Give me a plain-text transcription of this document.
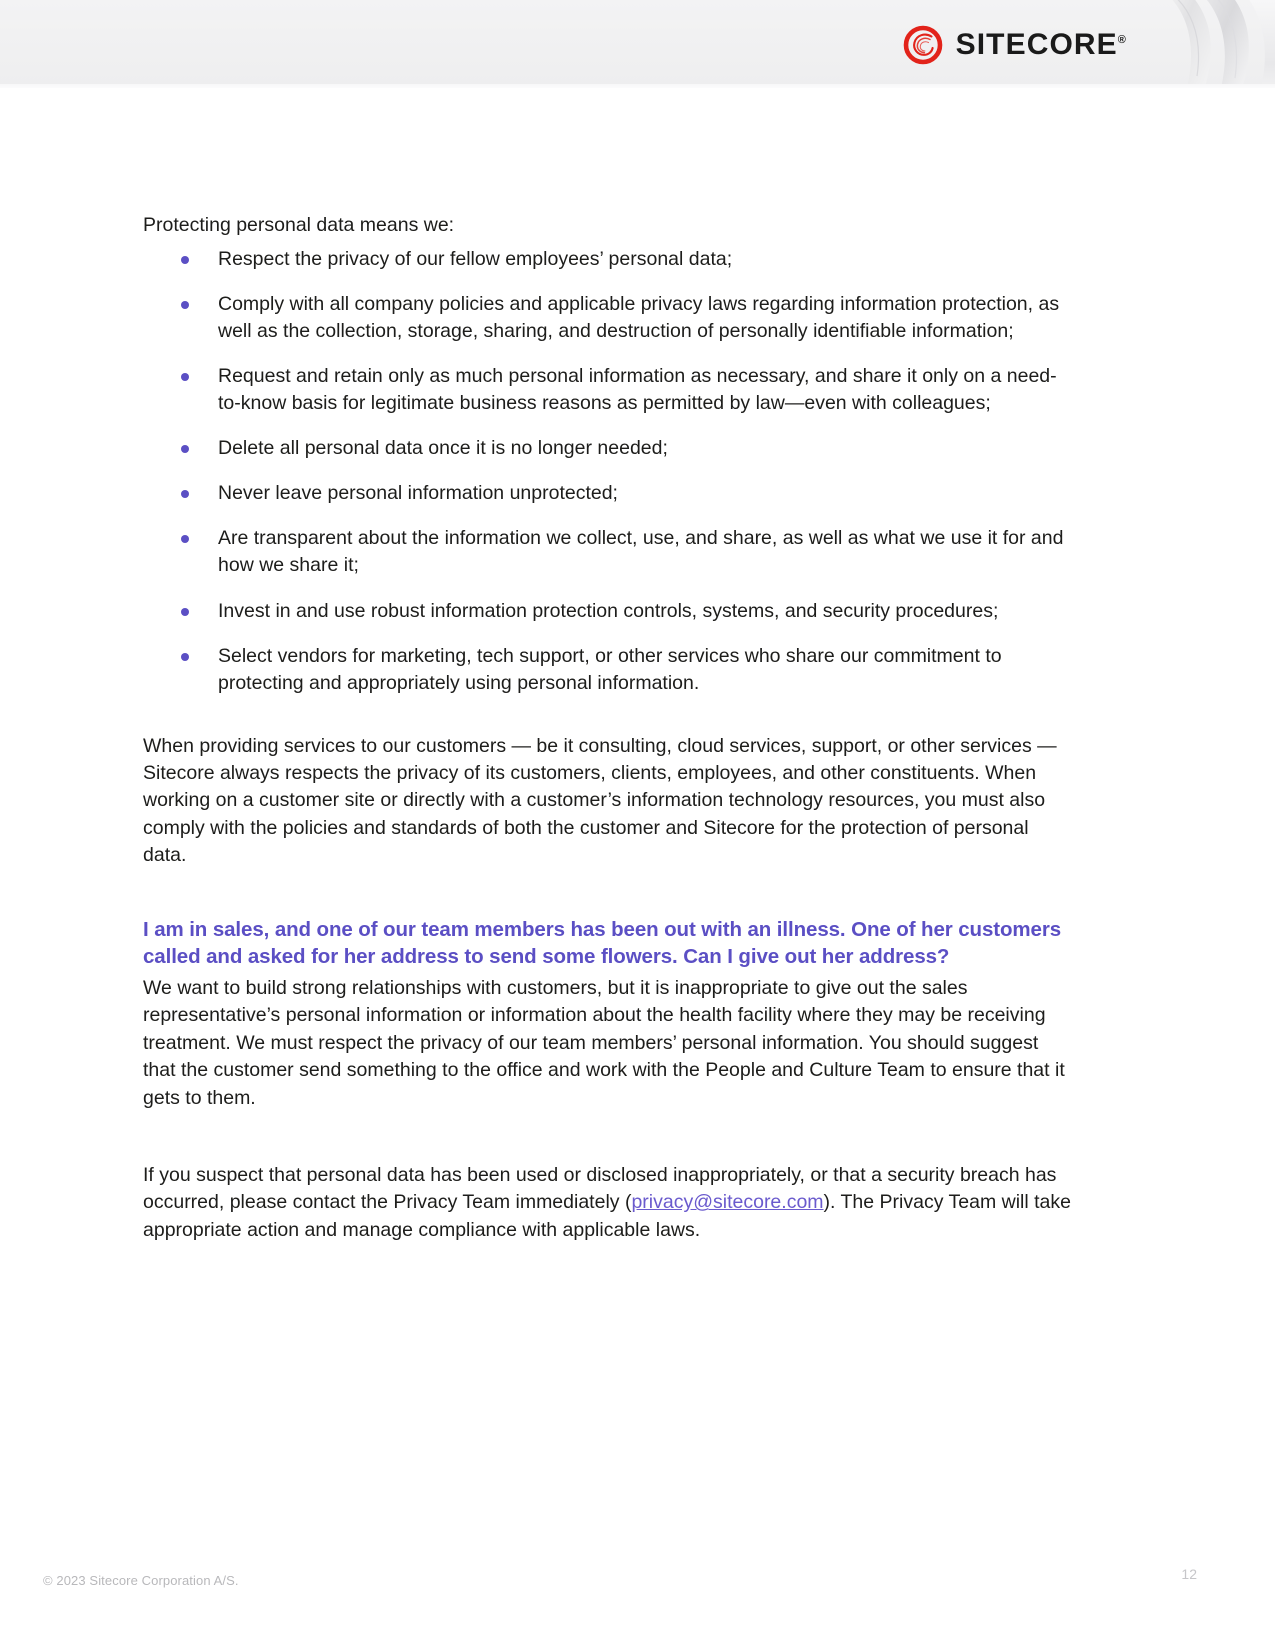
SITECORE®

Protecting personal data means we:

Respect the privacy of our fellow employees’ personal data;
Comply with all company policies and applicable privacy laws regarding information protection, as well as the collection, storage, sharing, and destruction of personally identifiable information;
Request and retain only as much personal information as necessary, and share it only on a need-to-know basis for legitimate business reasons as permitted by law—even with colleagues;
Delete all personal data once it is no longer needed;
Never leave personal information unprotected;
Are transparent about the information we collect, use, and share, as well as what we use it for and how we share it;
Invest in and use robust information protection controls, systems, and security procedures;
Select vendors for marketing, tech support, or other services who share our commitment to protecting and appropriately using personal information.

When providing services to our customers — be it consulting, cloud services, support, or other services — Sitecore always respects the privacy of its customers, clients, employees, and other constituents. When working on a customer site or directly with a customer’s information technology resources, you must also comply with the policies and standards of both the customer and Sitecore for the protection of personal data.

I am in sales, and one of our team members has been out with an illness. One of her customers called and asked for her address to send some flowers. Can I give out her address?

We want to build strong relationships with customers, but it is inappropriate to give out the sales representative’s personal information or information about the health facility where they may be receiving treatment. We must respect the privacy of our team members’ personal information. You should suggest that the customer send something to the office and work with the People and Culture Team to ensure that it gets to them.

If you suspect that personal data has been used or disclosed inappropriately, or that a security breach has occurred, please contact the Privacy Team immediately (privacy@sitecore.com). The Privacy Team will take appropriate action and manage compliance with applicable laws.

© 2023 Sitecore Corporation A/S.	12
